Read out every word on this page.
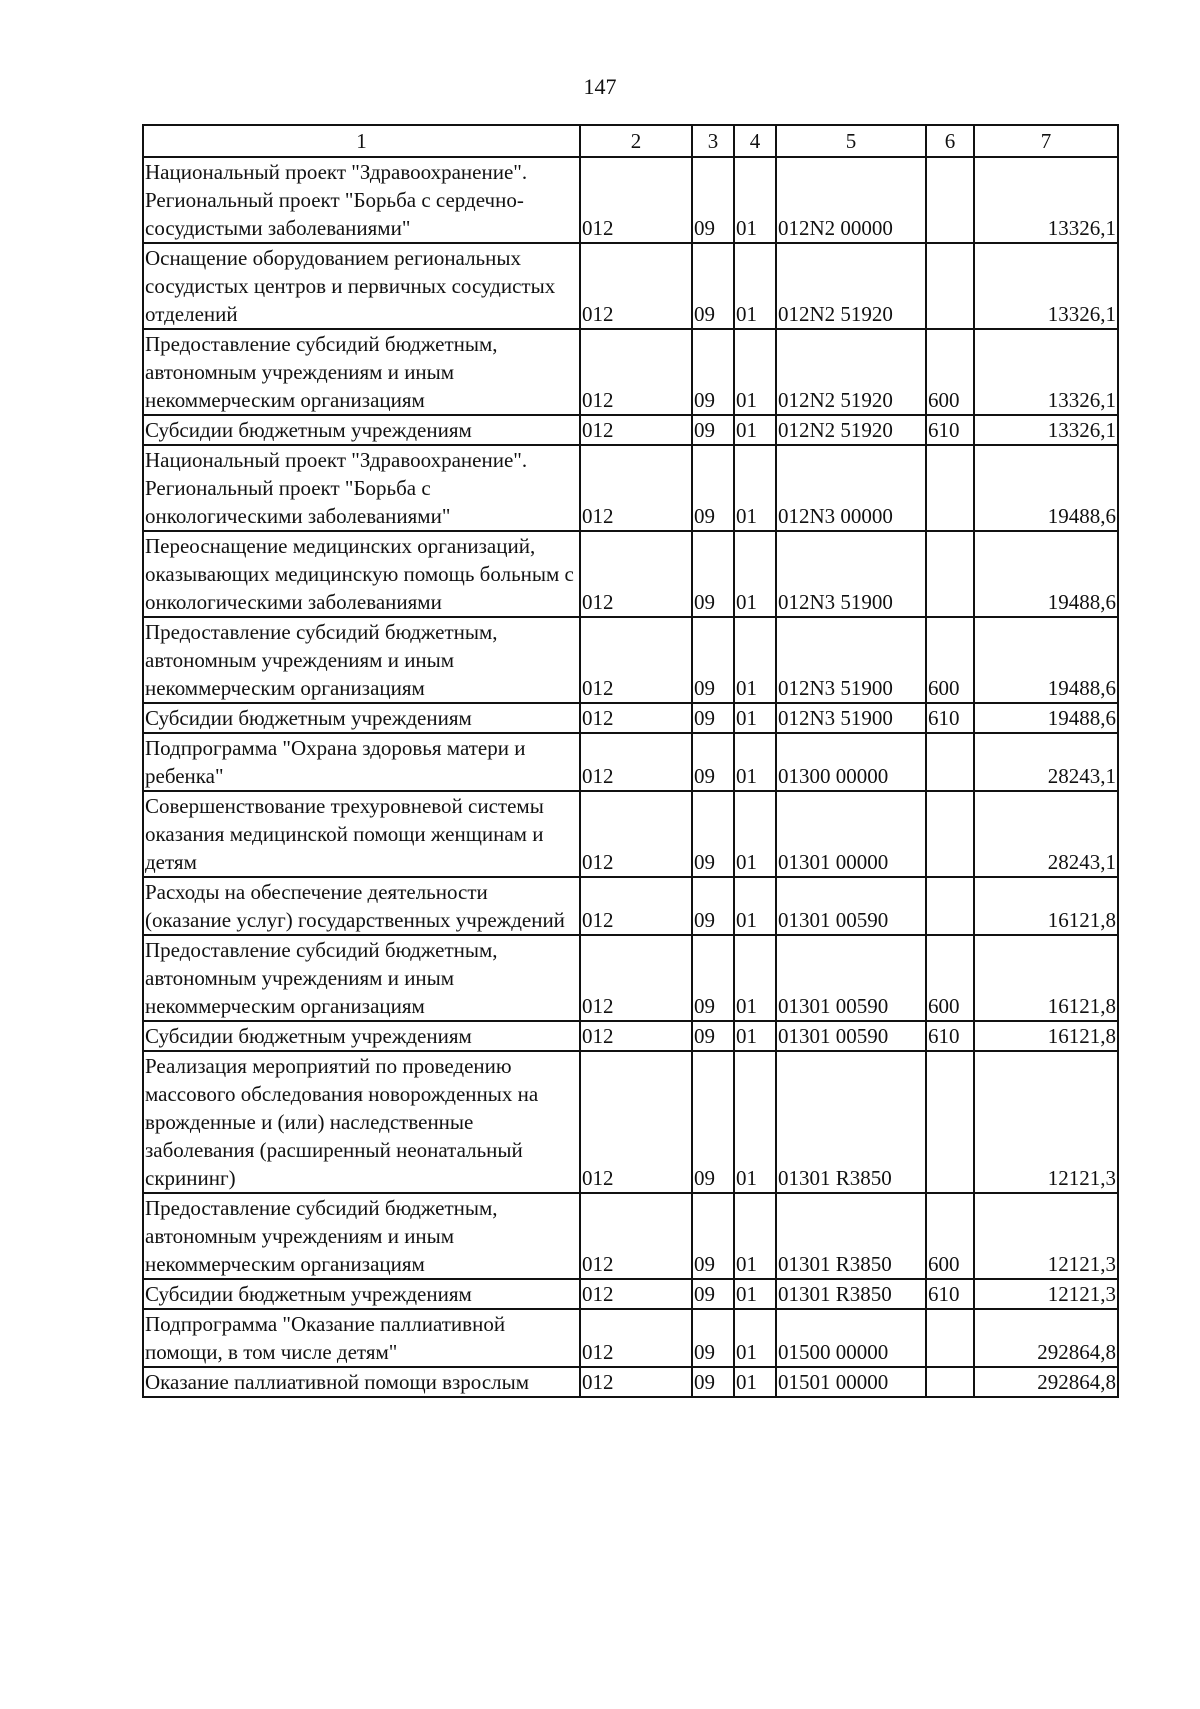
147
1	2	3	4	5	6	7
Национальный проект "Здравоохранение". Региональный проект "Борьба с сердечно-сосудистыми заболеваниями"	012	09	01	012N2 00000		13326,1
Оснащение оборудованием региональных сосудистых центров и первичных сосудистых отделений	012	09	01	012N2 51920		13326,1
Предоставление субсидий бюджетным, автономным учреждениям и иным некоммерческим организациям	012	09	01	012N2 51920	600	13326,1
Субсидии бюджетным учреждениям	012	09	01	012N2 51920	610	13326,1
Национальный проект "Здравоохранение". Региональный проект "Борьба с онкологическими заболеваниями"	012	09	01	012N3 00000		19488,6
Переоснащение медицинских организаций, оказывающих медицинскую помощь больным с онкологическими заболеваниями	012	09	01	012N3 51900		19488,6
Предоставление субсидий бюджетным, автономным учреждениям и иным некоммерческим организациям	012	09	01	012N3 51900	600	19488,6
Субсидии бюджетным учреждениям	012	09	01	012N3 51900	610	19488,6
Подпрограмма "Охрана здоровья матери и ребенка"	012	09	01	01300 00000		28243,1
Совершенствование трехуровневой системы оказания медицинской помощи женщинам и детям	012	09	01	01301 00000		28243,1
Расходы на обеспечение деятельности (оказание услуг) государственных учреждений	012	09	01	01301 00590		16121,8
Предоставление субсидий бюджетным, автономным учреждениям и иным некоммерческим организациям	012	09	01	01301 00590	600	16121,8
Субсидии бюджетным учреждениям	012	09	01	01301 00590	610	16121,8
Реализация мероприятий по проведению массового обследования новорожденных на врожденные и (или) наследственные заболевания (расширенный неонатальный скрининг)	012	09	01	01301 R3850		12121,3
Предоставление субсидий бюджетным, автономным учреждениям и иным некоммерческим организациям	012	09	01	01301 R3850	600	12121,3
Субсидии бюджетным учреждениям	012	09	01	01301 R3850	610	12121,3
Подпрограмма "Оказание паллиативной помощи, в том числе детям"	012	09	01	01500 00000		292864,8
Оказание паллиативной помощи взрослым	012	09	01	01501 00000		292864,8
